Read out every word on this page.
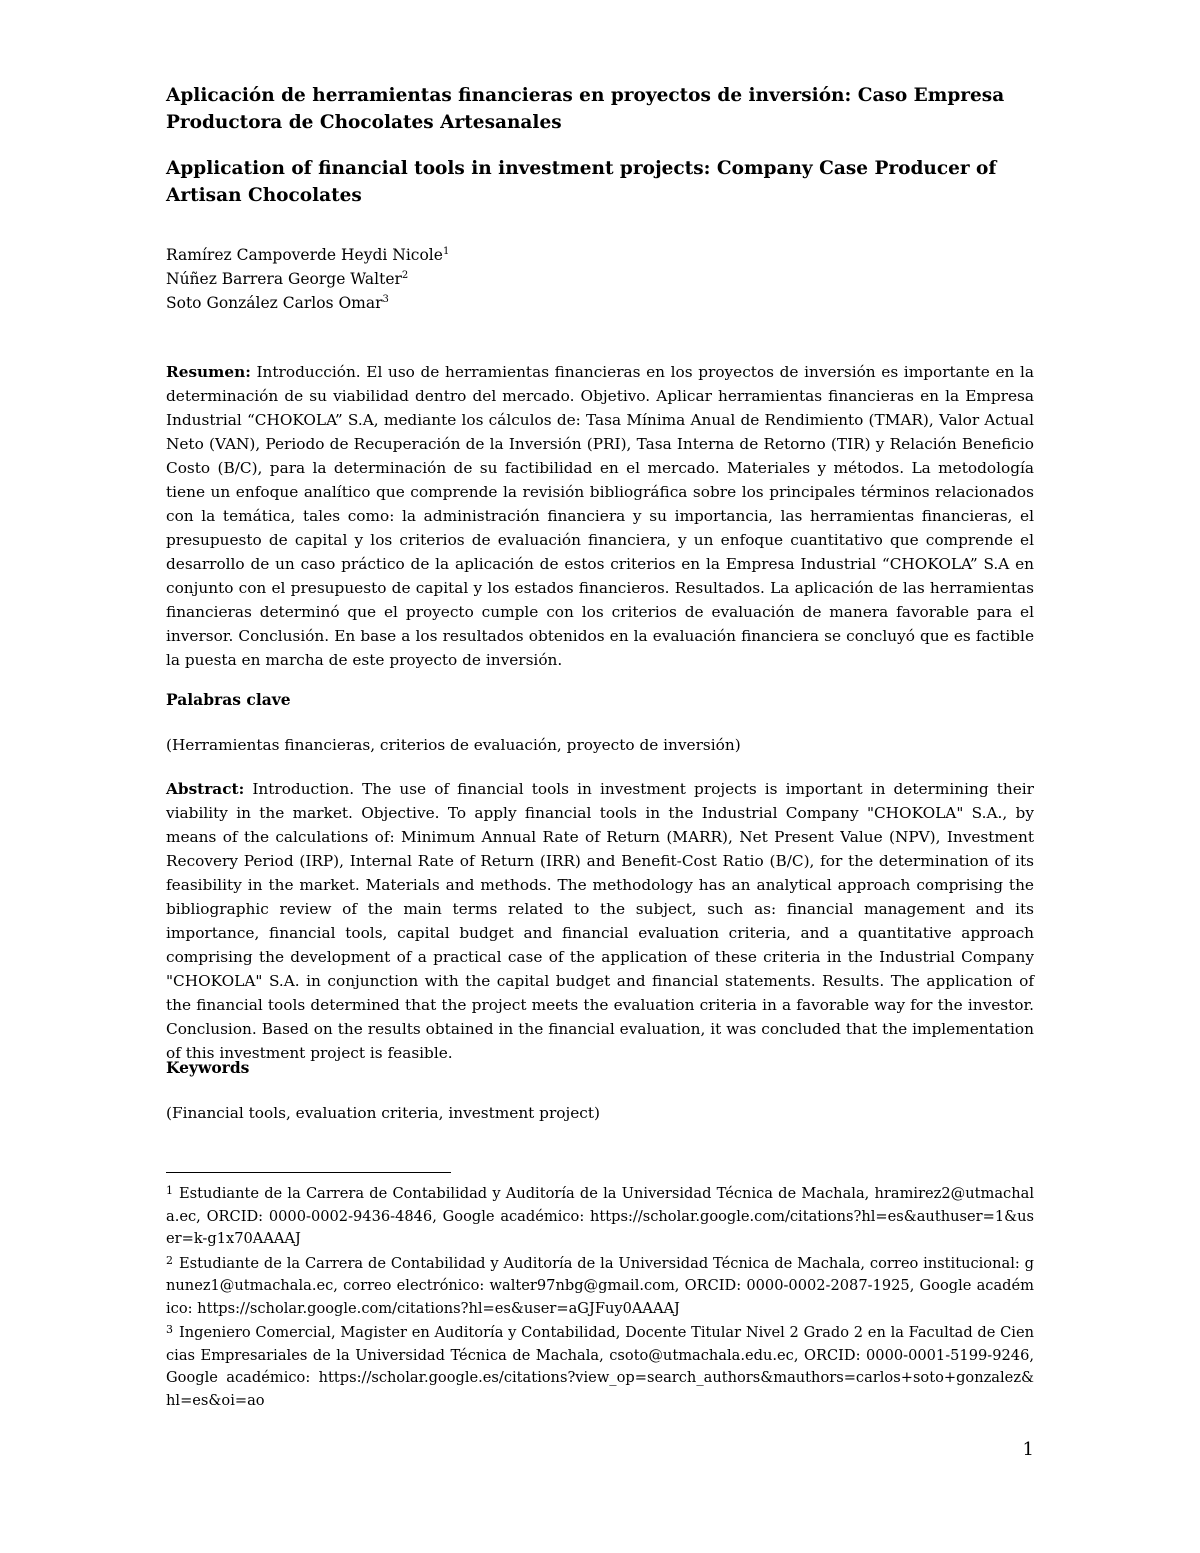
Aplicación de herramientas financieras en proyectos de inversión: Caso Empresa Productora de Chocolates Artesanales
Application of financial tools in investment projects: Company Case Producer of Artisan Chocolates
Ramírez Campoverde Heydi Nicole$^1$
Núñez Barrera George Walter$^2$
Soto González Carlos Omar$^3$

Resumen: Introducción. El uso de herramientas financieras en los proyectos de inversión es importante en la determinación de su viabilidad dentro del mercado. Objetivo. Aplicar herramientas financieras en la Empresa Industrial “CHOKOLA” S.A, mediante los cálculos de: Tasa Mínima Anual de Rendimiento (TMAR), Valor Actual Neto (VAN), Periodo de Recuperación de la Inversión (PRI), Tasa Interna de Retorno (TIR) y Relación Beneficio Costo (B/C), para la determinación de su factibilidad en el mercado. Materiales y métodos. La metodología tiene un enfoque analítico que comprende la revisión bibliográfica sobre los principales términos relacionados con la temática, tales como: la administración financiera y su importancia, las herramientas financieras, el presupuesto de capital y los criterios de evaluación financiera, y un enfoque cuantitativo que comprende el desarrollo de un caso práctico de la aplicación de estos criterios en la Empresa Industrial “CHOKOLA” S.A en conjunto con el presupuesto de capital y los estados financieros. Resultados. La aplicación de las herramientas financieras determinó que el proyecto cumple con los criterios de evaluación de manera favorable para el inversor. Conclusión. En base a los resultados obtenidos en la evaluación financiera se concluyó que es factible la puesta en marcha de este proyecto de inversión.

Palabras clave

(Herramientas financieras, criterios de evaluación, proyecto de inversión)

Abstract: Introduction. The use of financial tools in investment projects is important in determining their viability in the market. Objective. To apply financial tools in the Industrial Company "CHOKOLA" S.A., by means of the calculations of: Minimum Annual Rate of Return (MARR), Net Present Value (NPV), Investment Recovery Period (IRP), Internal Rate of Return (IRR) and Benefit-Cost Ratio (B/C), for the determination of its feasibility in the market. Materials and methods. The methodology has an analytical approach comprising the bibliographic review of the main terms related to the subject, such as: financial management and its importance, financial tools, capital budget and financial evaluation criteria, and a quantitative approach comprising the development of a practical case of the application of these criteria in the Industrial Company "CHOKOLA" S.A. in conjunction with the capital budget and financial statements. Results. The application of the financial tools determined that the project meets the evaluation criteria in a favorable way for the investor. Conclusion. Based on the results obtained in the financial evaluation, it was concluded that the implementation of this investment project is feasible.

Keywords

(Financial tools, evaluation criteria, investment project)

$^1$ Estudiante de la Carrera de Contabilidad y Auditoría de la Universidad Técnica de Machala, hramirez2@utmachala.ec, ORCID: 0000-0002-9436-4846, Google académico: https://scholar.google.com/citations?hl=es&authuser=1&user=k-g1x70AAAAJ

$^2$ Estudiante de la Carrera de Contabilidad y Auditoría de la Universidad Técnica de Machala, correo institucional: gnunez1@utmachala.ec, correo electrónico: walter97nbg@gmail.com, ORCID: 0000-0002-2087-1925, Google académico: https://scholar.google.com/citations?hl=es&user=aGJFuy0AAAAJ

$^3$ Ingeniero Comercial, Magister en Auditoría y Contabilidad, Docente Titular Nivel 2 Grado 2 en la Facultad de Ciencias Empresariales de la Universidad Técnica de Machala, csoto@utmachala.edu.ec, ORCID: 0000-0001-5199-9246, Google académico: https://scholar.google.es/citations?view_op=search_authors&mauthors=carlos+soto+gonzalez&hl=es&oi=ao

1
